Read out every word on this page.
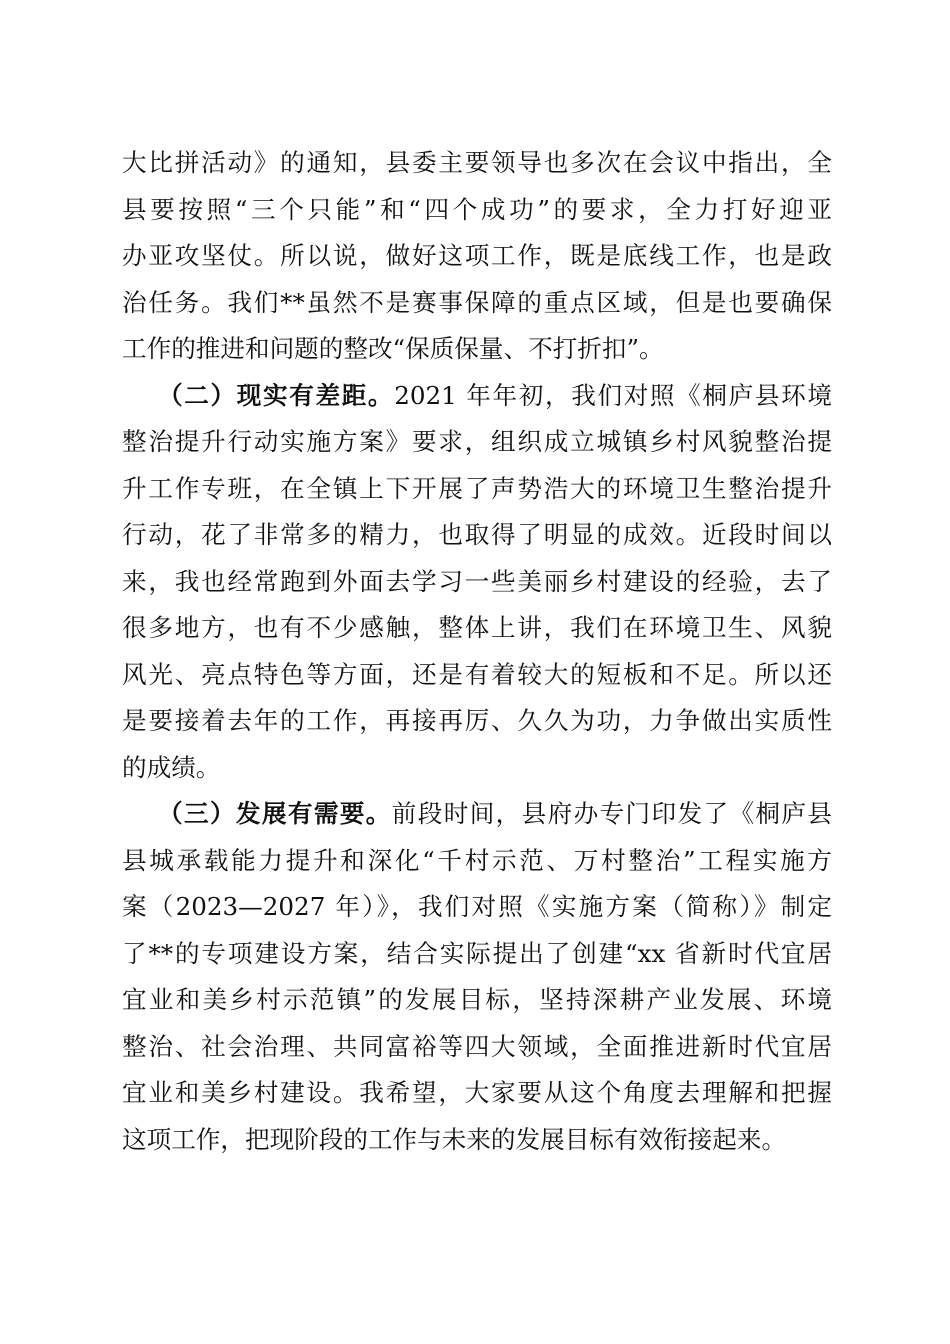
大比拼活动》的通知，县委主要领导也多次在会议中指出，全
县要按照“三个只能”和“四个成功”的要求，全力打好迎亚
办亚攻坚仗。所以说，做好这项工作，既是底线工作，也是政
治任务。我们**虽然不是赛事保障的重点区域，但是也要确保
工作的推进和问题的整改“保质保量、不打折扣”。
（二）现实有差距。2021 年年初，我们对照《桐庐县环境
整治提升行动实施方案》要求，组织成立城镇乡村风貌整治提
升工作专班，在全镇上下开展了声势浩大的环境卫生整治提升
行动，花了非常多的精力，也取得了明显的成效。近段时间以
来，我也经常跑到外面去学习一些美丽乡村建设的经验，去了
很多地方，也有不少感触，整体上讲，我们在环境卫生、风貌
风光、亮点特色等方面，还是有着较大的短板和不足。所以还
是要接着去年的工作，再接再厉、久久为功，力争做出实质性
的成绩。
（三）发展有需要。前段时间，县府办专门印发了《桐庐县
县城承载能力提升和深化“千村示范、万村整治”工程实施方
案（2023—2027 年）》，我们对照《实施方案（简称）》制定
了**的专项建设方案，结合实际提出了创建“xx 省新时代宜居
宜业和美乡村示范镇”的发展目标，坚持深耕产业发展、环境
整治、社会治理、共同富裕等四大领域，全面推进新时代宜居
宜业和美乡村建设。我希望，大家要从这个角度去理解和把握
这项工作，把现阶段的工作与未来的发展目标有效衔接起来。
